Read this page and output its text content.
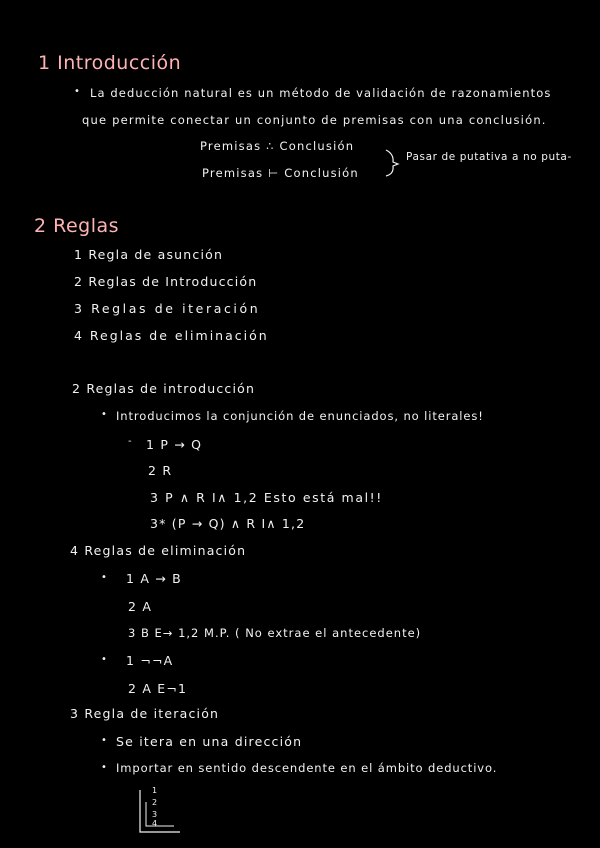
1 Introducción
• La deducción natural es un método de validación de razonamientos
que permite conectar un conjunto de premisas con una conclusión.
Premisas ∴ Conclusión
Premisas ⊢ Conclusión
Pasar de putativa a no puta-
2 Reglas
1 Regla de asunción
2 Reglas de Introducción
3 Reglas de iteración
4 Reglas de eliminación
2 Reglas de introducción
• Introducimos la conjunción de enunciados, no literales!
- 1 P → Q
2 R
3 P ∧ R I∧ 1,2 Esto está mal!!
3* (P → Q) ∧ R I∧ 1,2
4 Reglas de eliminación
• 1 A → B
2 A
3 B E→ 1,2 M.P. ( No extrae el antecedente)
• 1 ¬¬A
2 A E¬1
3 Regla de iteración
• Se itera en una dirección
• Importar en sentido descendente en el ámbito deductivo.
1
2
3
4
